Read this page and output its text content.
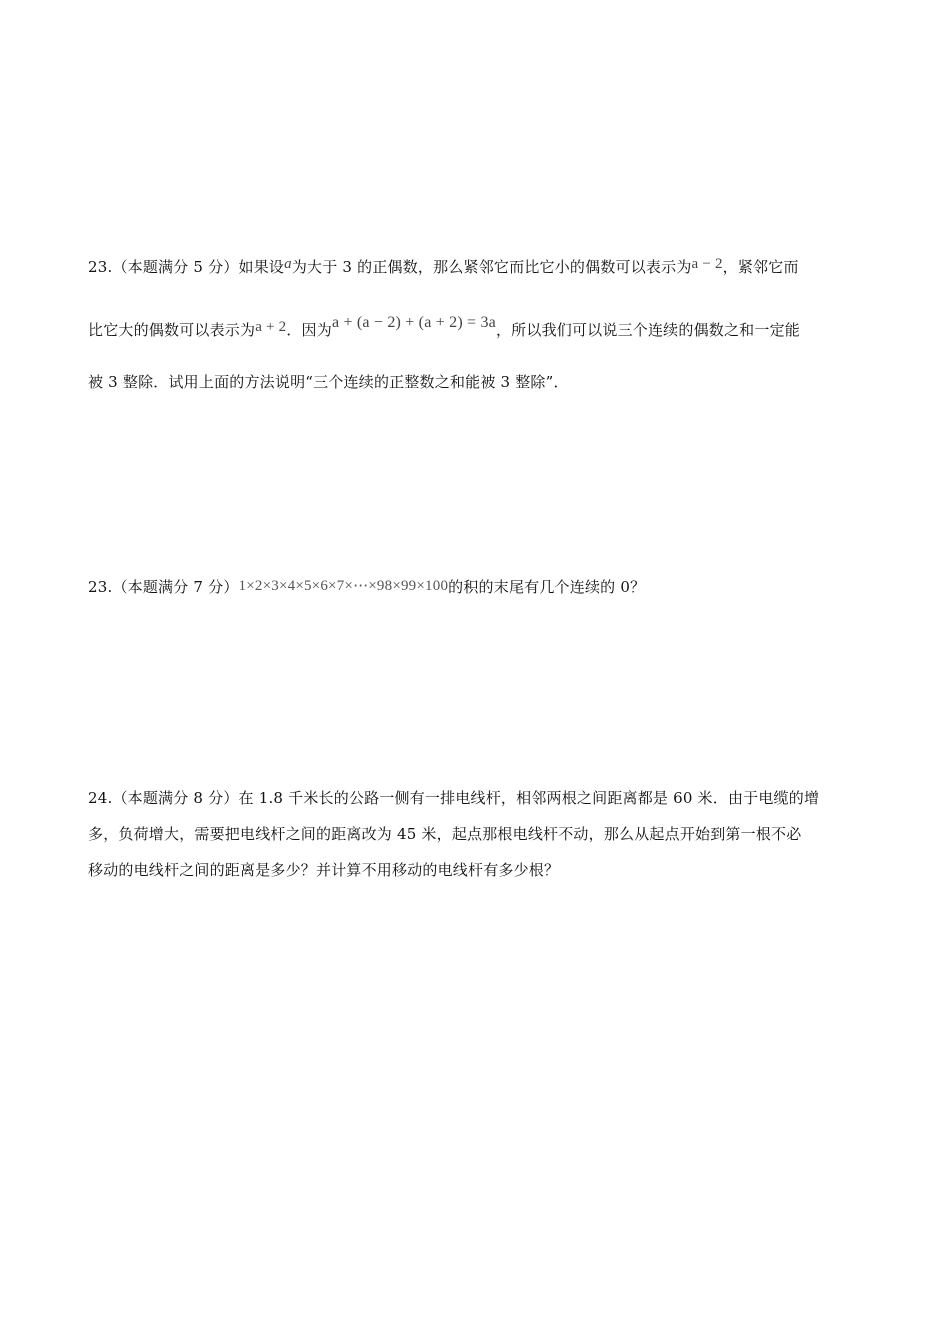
23.（本题满分 5 分）如果设a为大于 3 的正偶数，那么紧邻它而比它小的偶数可以表示为a − 2，紧邻它而
比它大的偶数可以表示为a + 2．因为a + (a − 2) + (a + 2) = 3a，所以我们可以说三个连续的偶数之和一定能
被 3 整除．试用上面的方法说明“三个连续的正整数之和能被 3 整除”．
23.（本题满分 7 分）1×2×3×4×5×6×7×⋯×98×99×100的积的末尾有几个连续的 0？
24.（本题满分 8 分）在 1.8 千米长的公路一侧有一排电线杆，相邻两根之间距离都是 60 米．由于电缆的增
多，负荷增大，需要把电线杆之间的距离改为 45 米，起点那根电线杆不动，那么从起点开始到第一根不必
移动的电线杆之间的距离是多少？并计算不用移动的电线杆有多少根？
